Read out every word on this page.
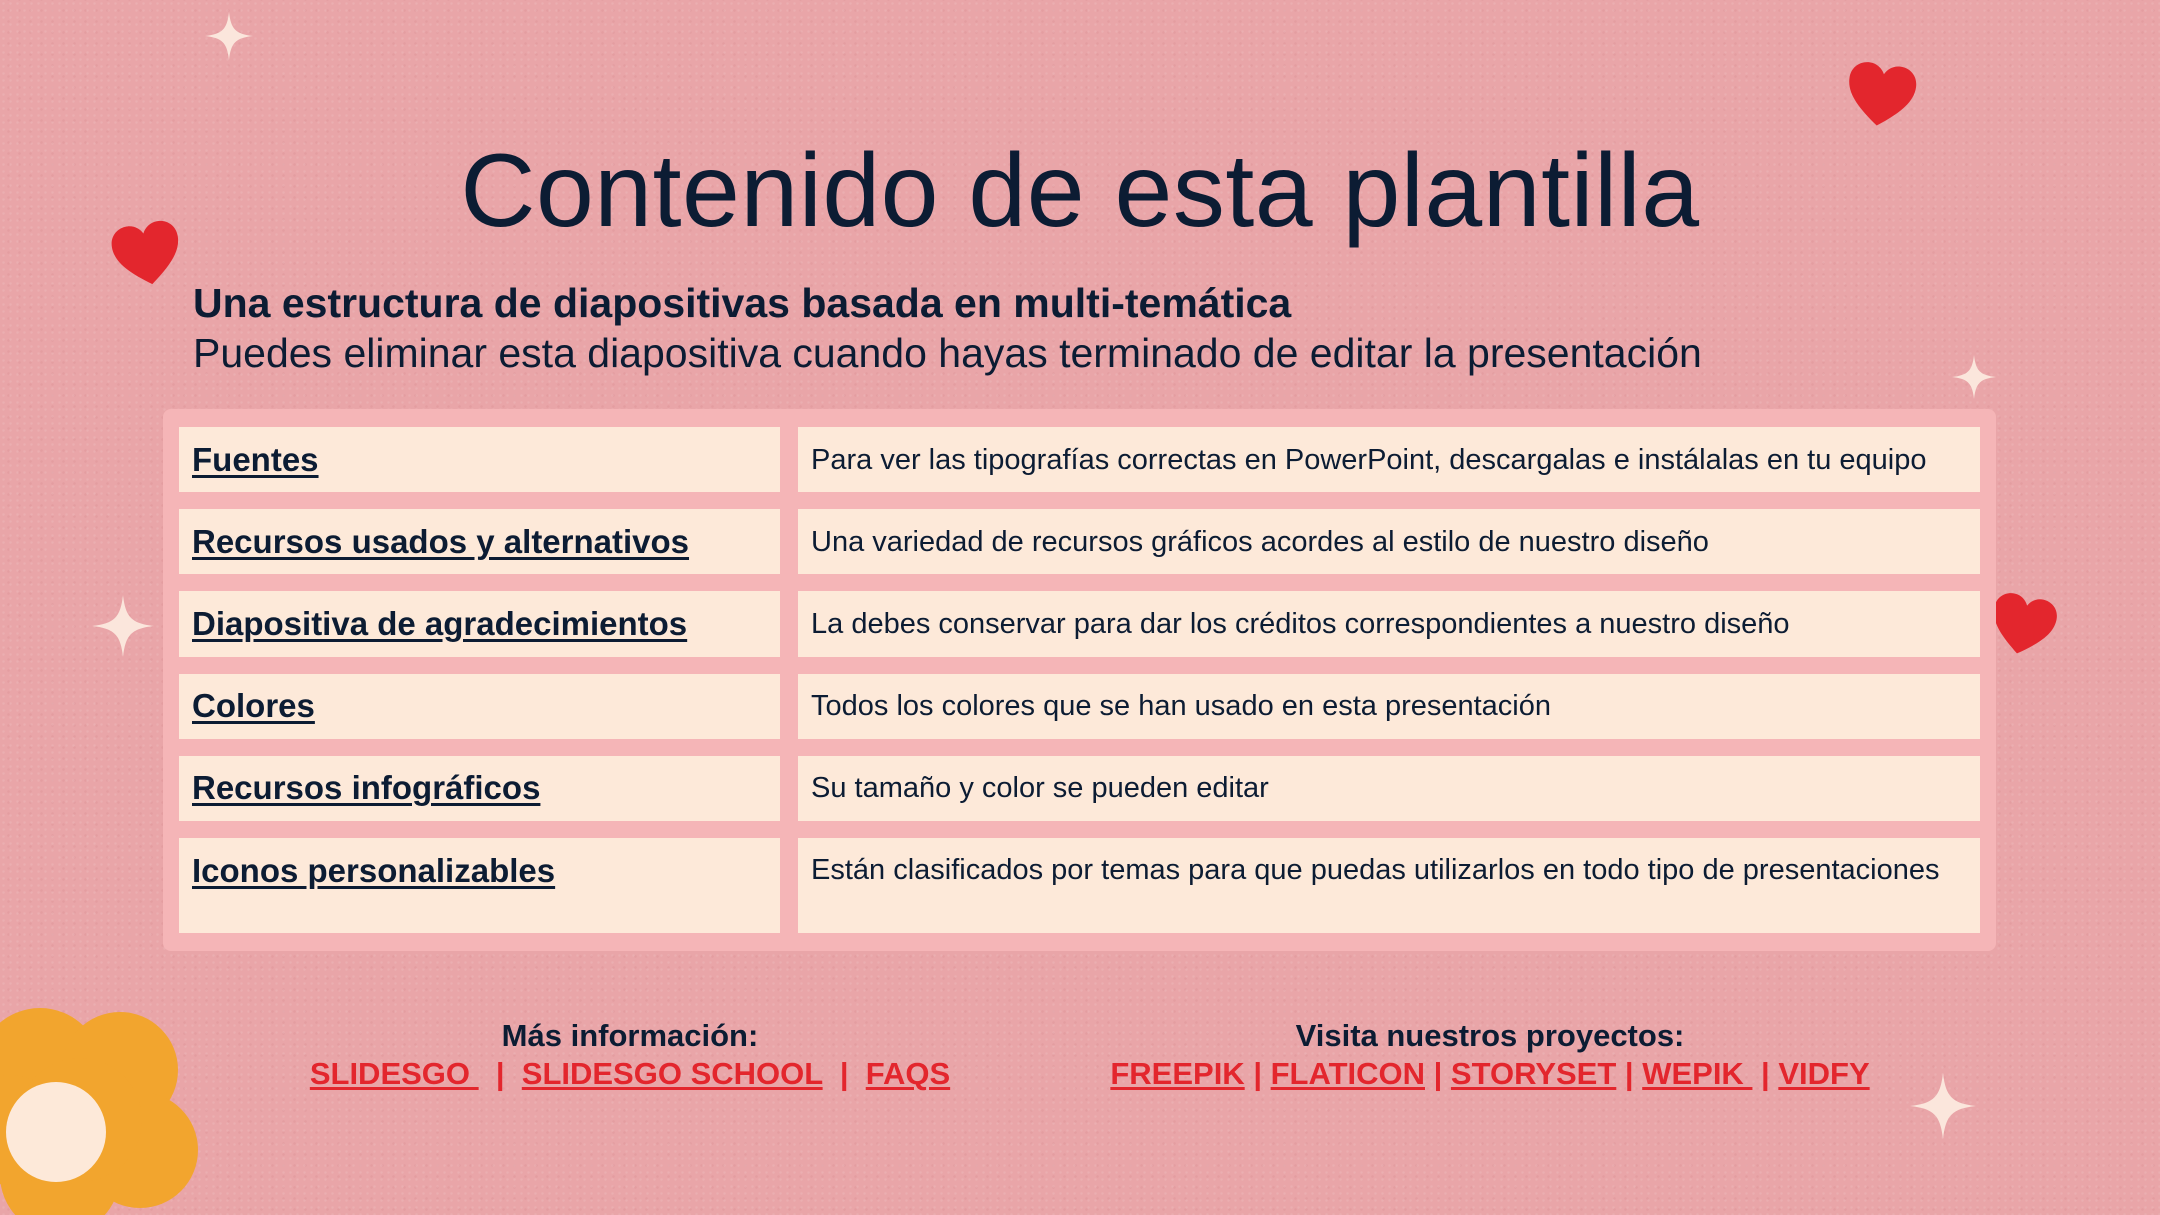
Contenido de esta plantilla

Una estructura de diapositivas basada en multi-temática

Puedes eliminar esta diapositiva cuando hayas terminado de editar la presentación

Fuentes	Para ver las tipografías correctas en PowerPoint, descargalas e instálalas en tu equipo
Recursos usados y alternativos	Una variedad de recursos gráficos acordes al estilo de nuestro diseño
Diapositiva de agradecimientos	La debes conservar para dar los créditos correspondientes a nuestro diseño
Colores	Todos los colores que se han usado en esta presentación
Recursos infográficos	Su tamaño y color se pueden editar
Iconos personalizables	Están clasificados por temas para que puedas utilizarlos en todo tipo de presentaciones
Más información:
SLIDESGO   |  SLIDESGO SCHOOL  |  FAQS
Visita nuestros proyectos:
FREEPIK | FLATICON | STORYSET | WEPIK  | VIDFY
